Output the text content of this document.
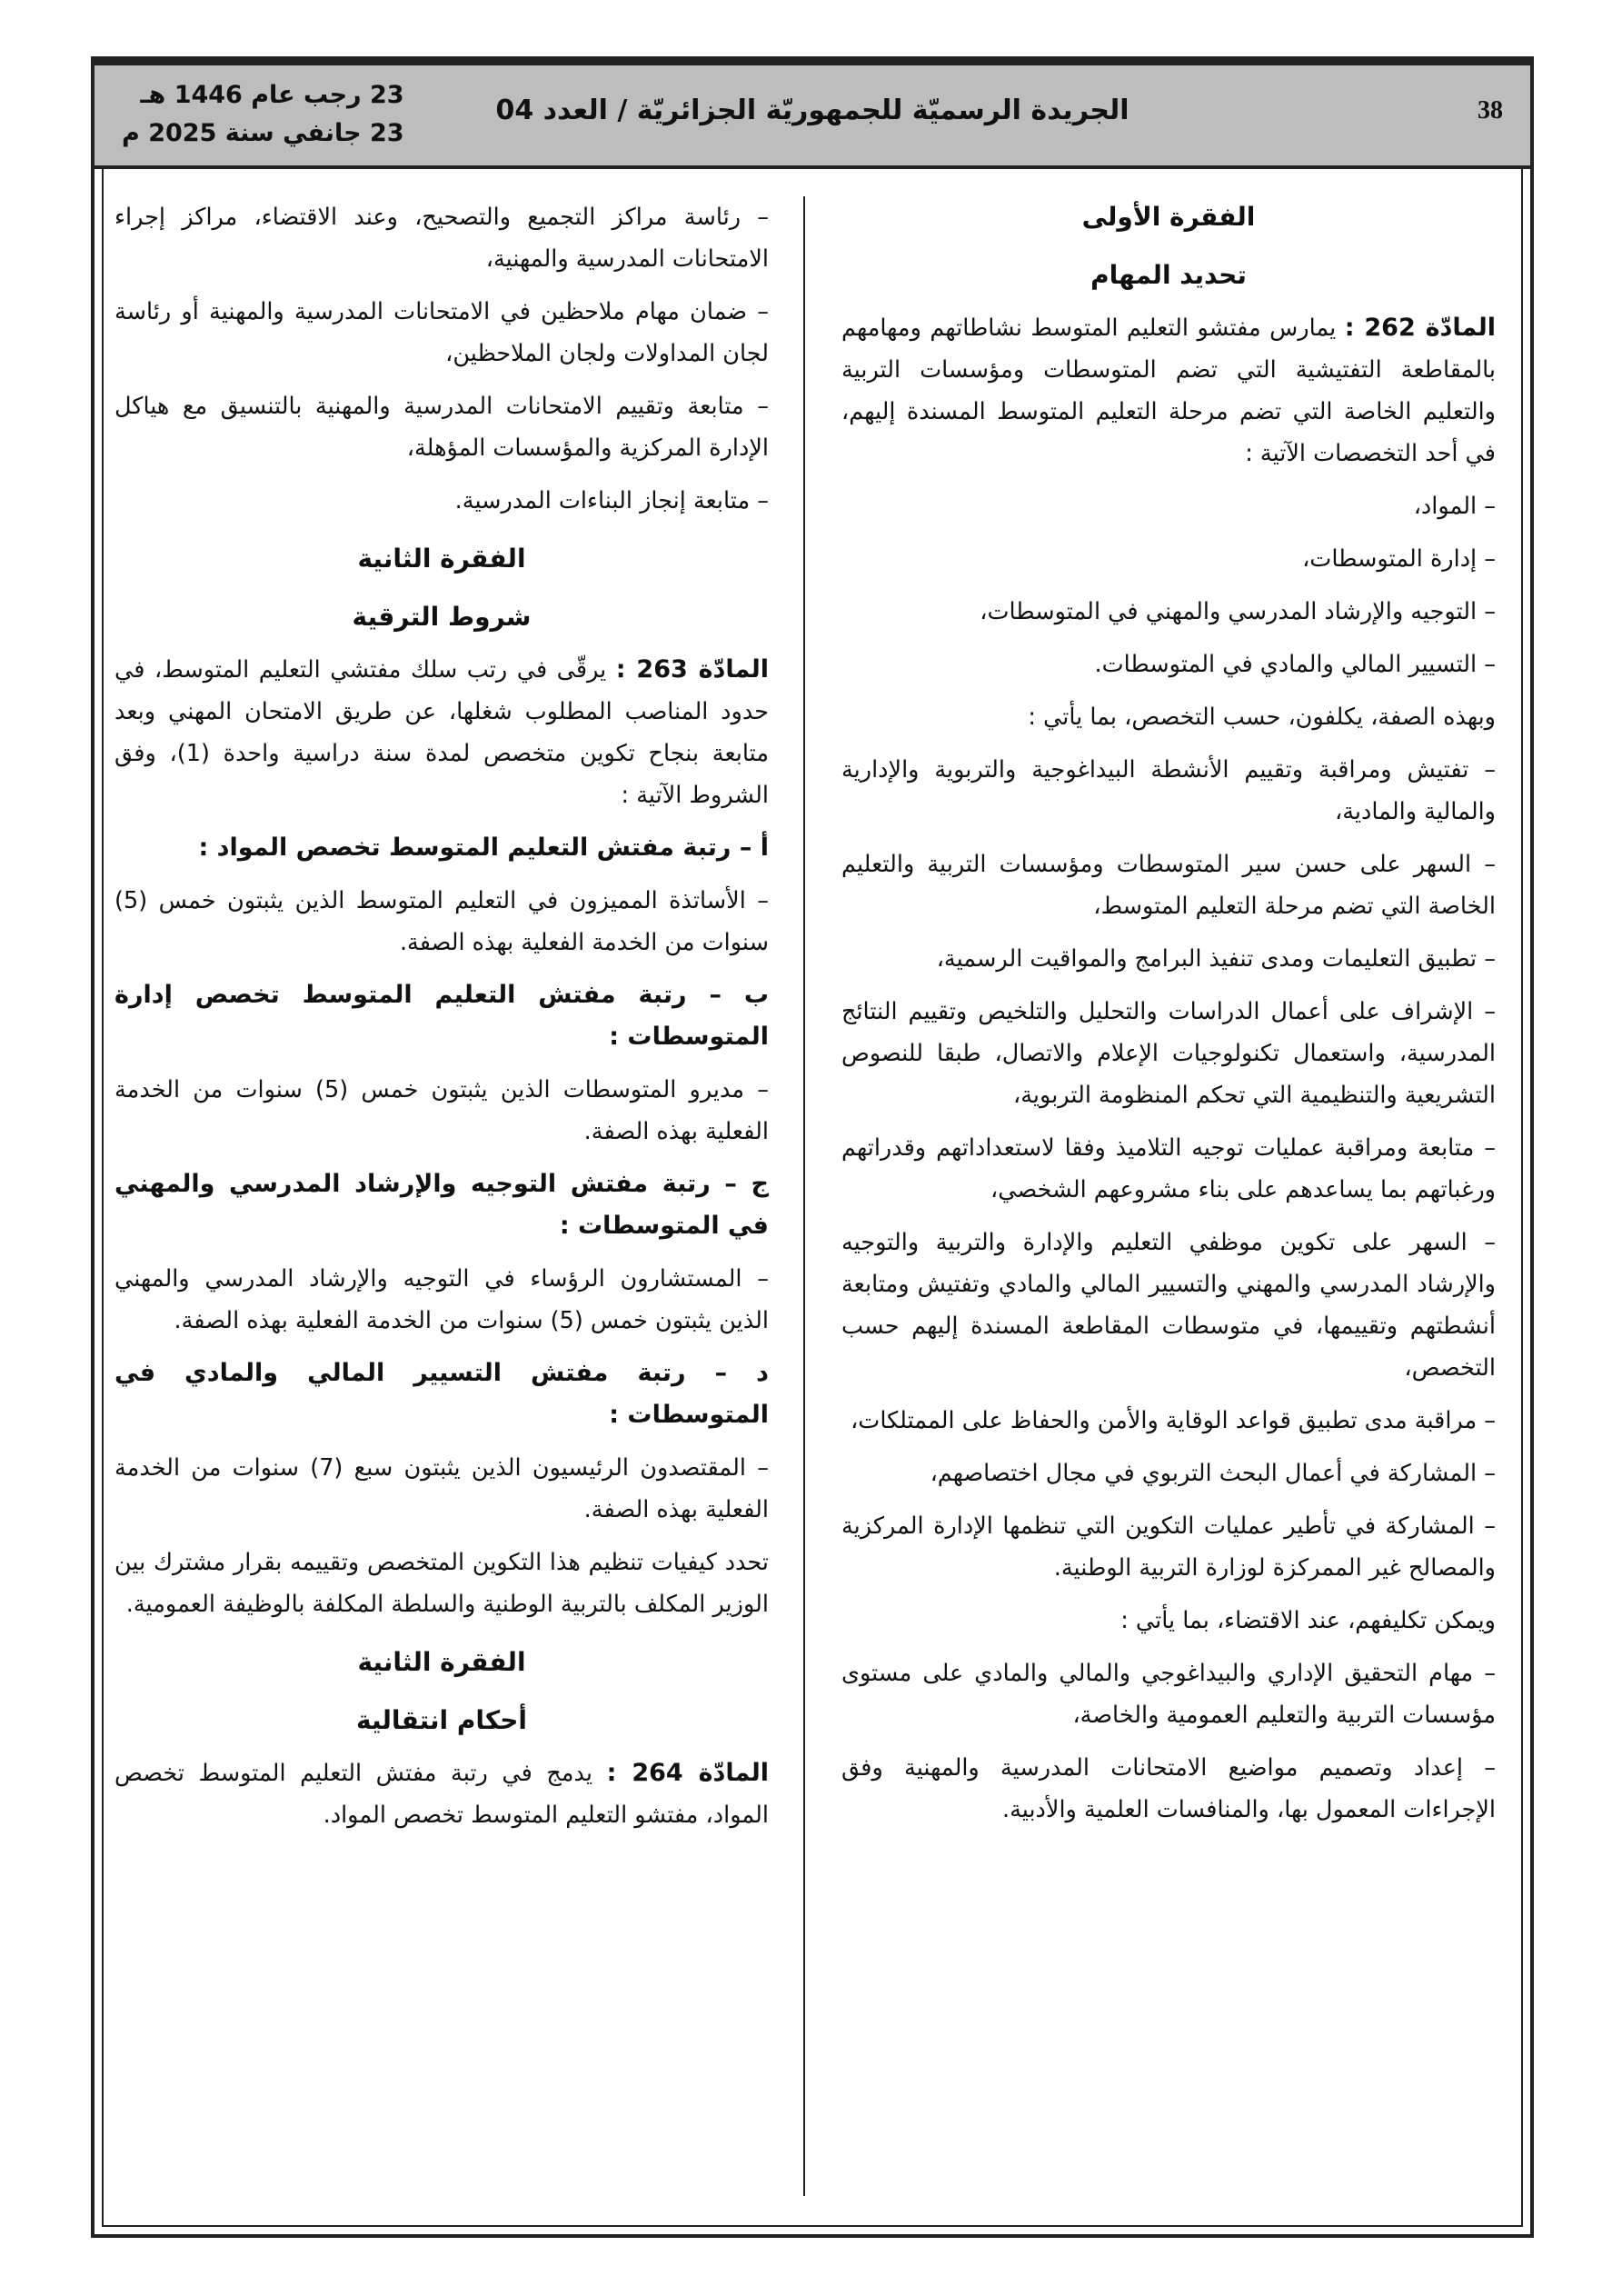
38
الجريدة الرسميّة للجمهوريّة الجزائريّة / العدد 04
23 رجب عام 1446 هـ
23 جانفي سنة 2025 م
الفقرة الأولى
تحديد المهام
المادّة 262 : يمارس مفتشو التعليم المتوسط نشاطاتهم ومهامهم بالمقاطعة التفتيشية التي تضم المتوسطات ومؤسسات التربية والتعليم الخاصة التي تضم مرحلة التعليم المتوسط المسندة إليهم، في أحد التخصصات الآتية :
– المواد،
– إدارة المتوسطات،
– التوجيه والإرشاد المدرسي والمهني في المتوسطات،
– التسيير المالي والمادي في المتوسطات.
وبهذه الصفة، يكلفون، حسب التخصص، بما يأتي :
– تفتيش ومراقبة وتقييم الأنشطة البيداغوجية والتربوية والإدارية والمالية والمادية،
– السهر على حسن سير المتوسطات ومؤسسات التربية والتعليم الخاصة التي تضم مرحلة التعليم المتوسط،
– تطبيق التعليمات ومدى تنفيذ البرامج والمواقيت الرسمية،
– الإشراف على أعمال الدراسات والتحليل والتلخيص وتقييم النتائج المدرسية، واستعمال تكنولوجيات الإعلام والاتصال، طبقا للنصوص التشريعية والتنظيمية التي تحكم المنظومة التربوية،
– متابعة ومراقبة عمليات توجيه التلاميذ وفقا لاستعداداتهم وقدراتهم ورغباتهم بما يساعدهم على بناء مشروعهم الشخصي،
– السهر على تكوين موظفي التعليم والإدارة والتربية والتوجيه والإرشاد المدرسي والمهني والتسيير المالي والمادي وتفتيش ومتابعة أنشطتهم وتقييمها، في متوسطات المقاطعة المسندة إليهم حسب التخصص،
– مراقبة مدى تطبيق قواعد الوقاية والأمن والحفاظ على الممتلكات،
– المشاركة في أعمال البحث التربوي في مجال اختصاصهم،
– المشاركة في تأطير عمليات التكوين التي تنظمها الإدارة المركزية والمصالح غير الممركزة لوزارة التربية الوطنية.
ويمكن تكليفهم، عند الاقتضاء، بما يأتي :
– مهام التحقيق الإداري والبيداغوجي والمالي والمادي على مستوى مؤسسات التربية والتعليم العمومية والخاصة،
– إعداد وتصميم مواضيع الامتحانات المدرسية والمهنية وفق الإجراءات المعمول بها، والمنافسات العلمية والأدبية.
– رئاسة مراكز التجميع والتصحيح، وعند الاقتضاء، مراكز إجراء الامتحانات المدرسية والمهنية،
– ضمان مهام ملاحظين في الامتحانات المدرسية والمهنية أو رئاسة لجان المداولات ولجان الملاحظين،
– متابعة وتقييم الامتحانات المدرسية والمهنية بالتنسيق مع هياكل الإدارة المركزية والمؤسسات المؤهلة،
– متابعة إنجاز البناءات المدرسية.
الفقرة الثانية
شروط الترقية
المادّة 263 : يرقّى في رتب سلك مفتشي التعليم المتوسط، في حدود المناصب المطلوب شغلها، عن طريق الامتحان المهني وبعد متابعة بنجاح تكوين متخصص لمدة سنة دراسية واحدة (1)، وفق الشروط الآتية :
أ – رتبة مفتش التعليم المتوسط تخصص المواد :
– الأساتذة المميزون في التعليم المتوسط الذين يثبتون خمس (5) سنوات من الخدمة الفعلية بهذه الصفة.
ب – رتبة مفتش التعليم المتوسط تخصص إدارة المتوسطات :
– مديرو المتوسطات الذين يثبتون خمس (5) سنوات من الخدمة الفعلية بهذه الصفة.
ج – رتبة مفتش التوجيه والإرشاد المدرسي والمهني في المتوسطات :
– المستشارون الرؤساء في التوجيه والإرشاد المدرسي والمهني الذين يثبتون خمس (5) سنوات من الخدمة الفعلية بهذه الصفة.
د – رتبة مفتش التسيير المالي والمادي في المتوسطات :
– المقتصدون الرئيسيون الذين يثبتون سبع (7) سنوات من الخدمة الفعلية بهذه الصفة.
تحدد كيفيات تنظيم هذا التكوين المتخصص وتقييمه بقرار مشترك بين الوزير المكلف بالتربية الوطنية والسلطة المكلفة بالوظيفة العمومية.
الفقرة الثانية
أحكام انتقالية
المادّة 264 : يدمج في رتبة مفتش التعليم المتوسط تخصص المواد، مفتشو التعليم المتوسط تخصص المواد.
